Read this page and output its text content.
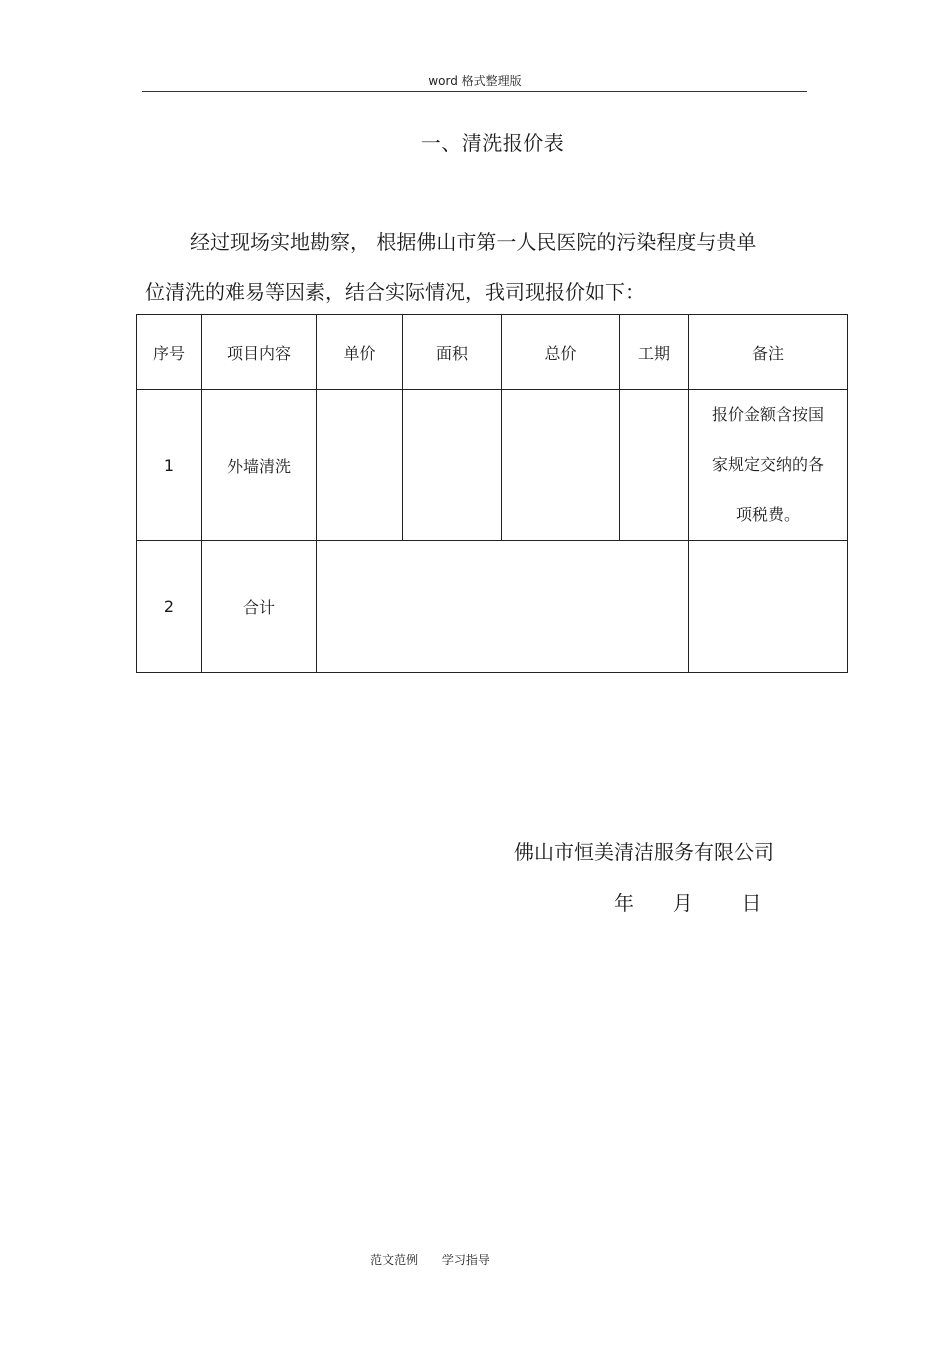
word 格式整理版
一、清洗报价表
经过现场实地勘察， 根据佛山市第一人民医院的污染程度与贵单
位清洗的难易等因素，结合实际情况，我司现报价如下：
序号	项目内容	单价	面积	总价	工期	备注
1	外墙清洗					报价金额含按国
家规定交纳的各
项税费。

2	合计					
佛山市恒美清洁服务有限公司
年 月 日
范文范例 学习指导
